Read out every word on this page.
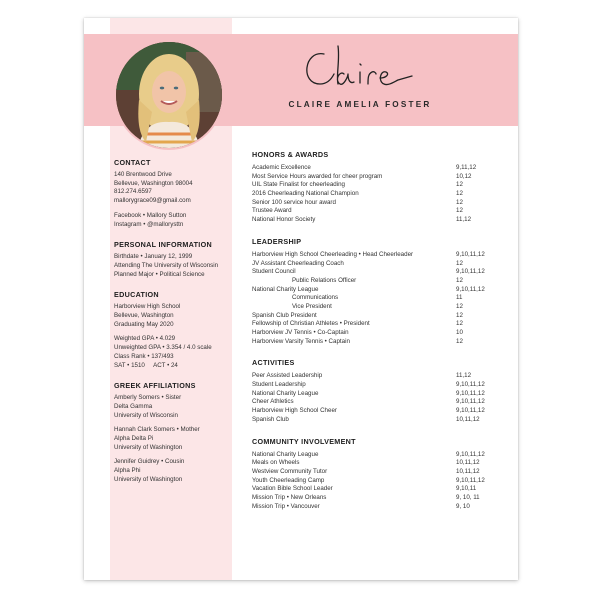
CLAIRE AMELIA FOSTER
CONTACT
140 Brentwood Drive
Bellevue, Washington 98004
812.274.6597
mallorygrace09@gmail.com
Facebook • Mallory Sutton
Instagram • @mallorysttn
PERSONAL INFORMATION
Birthdate • January 12, 1999
Attending The University of Wisconsin
Planned Major • Political Science
EDUCATION
Harborview High School
Bellevue, Washington
Graduating May 2020
Weighted GPA • 4.029
Unweighted GPA • 3.354 / 4.0 scale
Class Rank • 137/493
SAT • 1510     ACT • 24
GREEK AFFILIATIONS
Amberly Somers • Sister
Delta Gamma
University of Wisconsin
Hannah Clark Somers • Mother
Alpha Delta Pi
University of Washington
Jennifer Guidrey • Cousin
Alpha Phi
University of Washington
HONORS & AWARDS
Academic Excellence	9,11,12
Most Service Hours awarded for cheer program	10,12
UIL State Finalist for cheerleading	12
2016 Cheerleading National Champion	12
Senior 100 service hour award	12
Trustee Award	12
National Honor Society	11,12
LEADERSHIP
Harborview High School Cheerleading • Head Cheerleader	9,10,11,12
JV Assistant Cheerleading Coach	12
Student Council	9,10,11,12
Public Relations Officer	12
National Charity League	9,10,11,12
Communications	11
Vice President	12
Spanish Club President	12
Fellowship of Christian Athletes • President	12
Harborview JV Tennis • Co-Captain	10
Harborview Varsity Tennis • Captain	12
ACTIVITIES
Peer Assisted Leadership	11,12
Student Leadership	9,10,11,12
National Charity League	9,10,11,12
Cheer Athletics	9,10,11,12
Harborview High School Cheer	9,10,11,12
Spanish Club	10,11,12
COMMUNITY INVOLVEMENT
National Charity League	9,10,11,12
Meals on Wheels	10,11,12
Westview Community Tutor	10,11,12
Youth Cheerleading Camp	9,10,11,12
Vacation Bible School Leader	9,10,11
Mission Trip • New Orleans	9, 10, 11
Mission Trip • Vancouver	9, 10
